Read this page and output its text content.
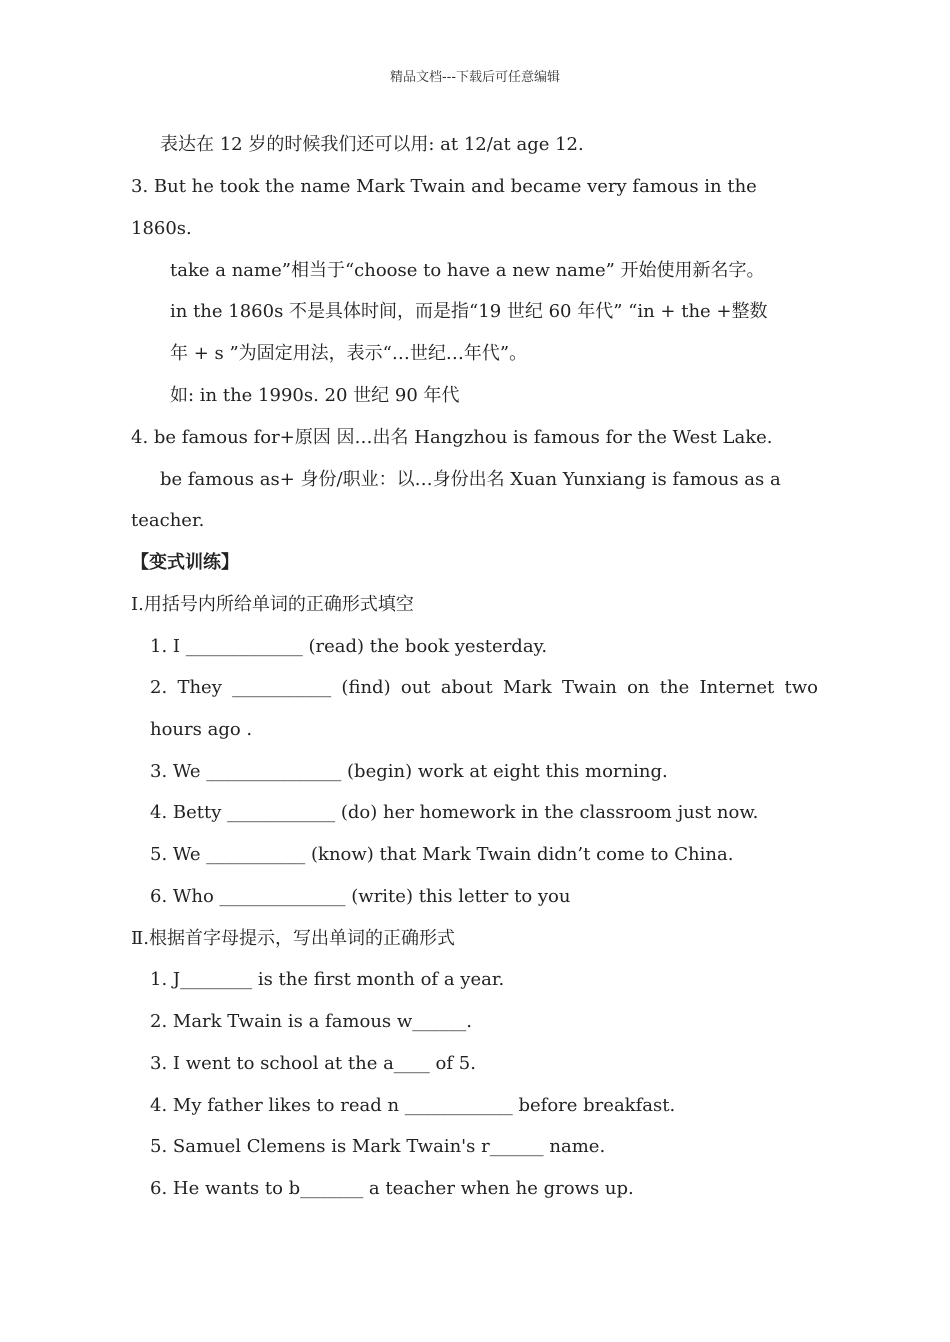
精品文档---下载后可任意编辑
表达在 12 岁的时候我们还可以用: at 12/at age 12.
3. But he took the name Mark Twain and became very famous in the
1860s.
take a name”相当于“choose to have a new name” 开始使用新名字。
in the 1860s 不是具体时间，而是指“19 世纪 60 年代” “in + the +整数
年 + s ”为固定用法，表示“…世纪…年代”。
如: in the 1990s. 20 世纪 90 年代
4. be famous for+原因 因…出名 Hangzhou is famous for the West Lake.
be famous as+ 身份/职业：以…身份出名 Xuan Yunxiang is famous as a
teacher.
【变式训练】
Ⅰ.用括号内所给单词的正确形式填空
1. I _____________ (read) the book yesterday.
2. They ___________ (find) out about Mark Twain on the Internet two
hours ago .
3. We _______________ (begin) work at eight this morning.
4. Betty ____________ (do) her homework in the classroom just now.
5. We ___________ (know) that Mark Twain didn’t come to China.
6. Who ______________ (write) this letter to you
Ⅱ.根据首字母提示，写出单词的正确形式
1. J________ is the first month of a year.
2. Mark Twain is a famous w______.
3. I went to school at the a____ of 5.
4. My father likes to read n ____________ before breakfast.
5. Samuel Clemens is Mark Twain's r______ name.
6. He wants to b_______ a teacher when he grows up.
